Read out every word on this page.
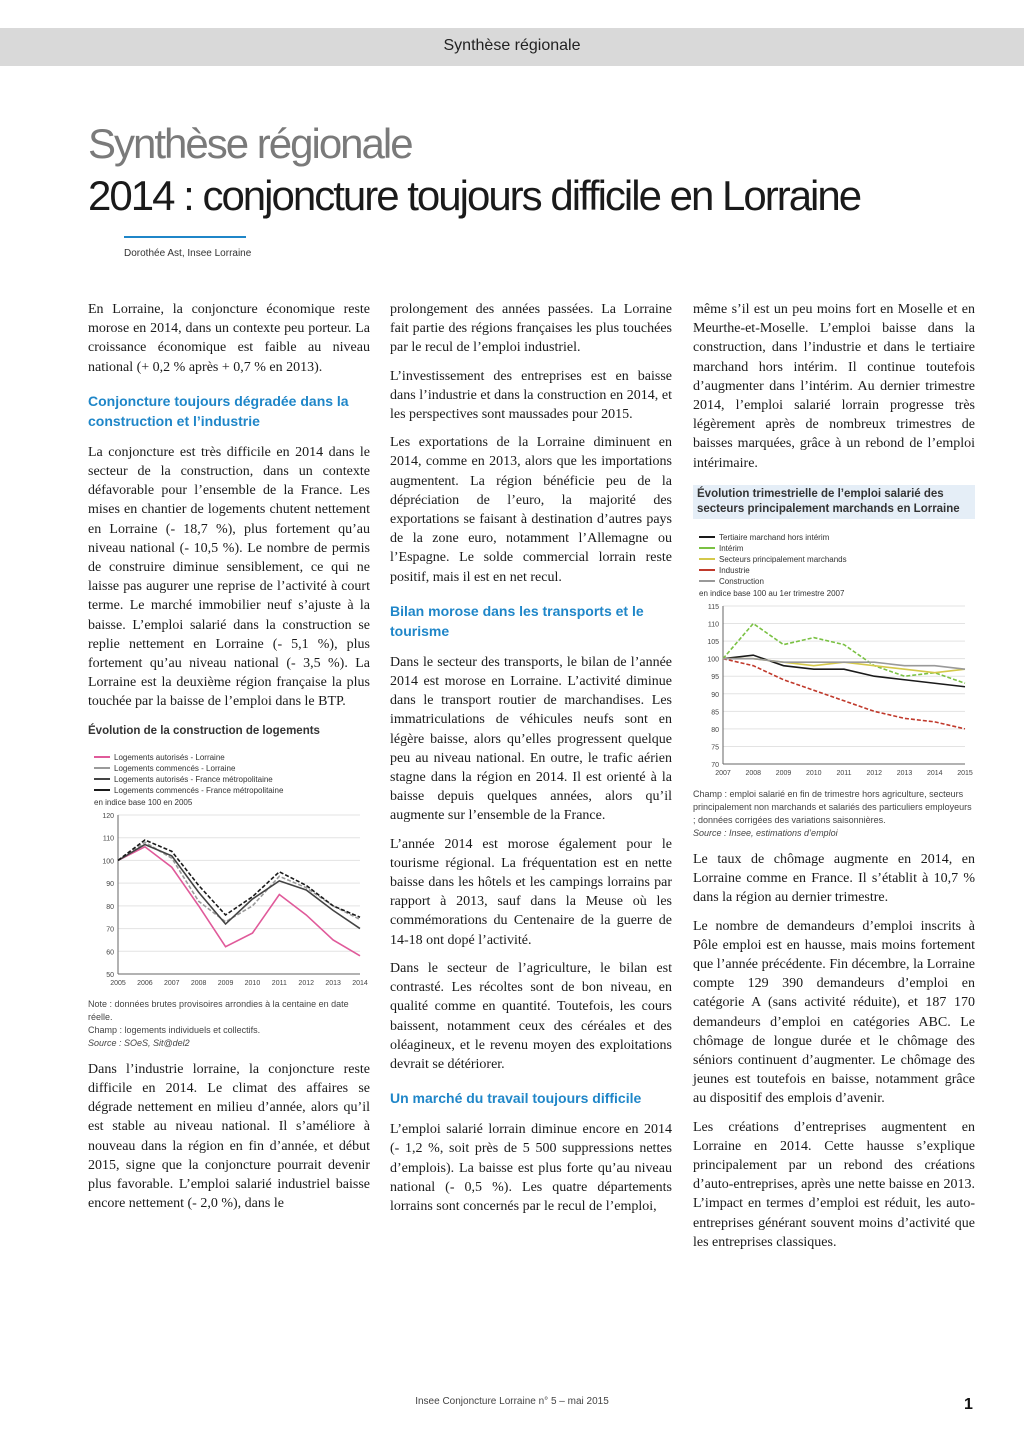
Synthèse régionale
Synthèse régionale
2014 : conjoncture toujours difficile en Lorraine
Dorothée Ast, Insee Lorraine

En Lorraine, la conjoncture économique reste morose en 2014, dans un contexte peu porteur. La croissance économique est faible au niveau national (+ 0,2 % après + 0,7 % en 2013).

Conjoncture toujours dégradée dans la construction et l’industrie

La conjoncture est très difficile en 2014 dans le secteur de la construction, dans un contexte défavorable pour l’ensemble de la France. Les mises en chantier de logements chutent nettement en Lorraine (- 18,7 %), plus fortement qu’au niveau national (- 10,5 %). Le nombre de permis de construire diminue sensiblement, ce qui ne laisse pas augurer une reprise de l’activité à court terme. Le marché immobilier neuf s’ajuste à la baisse. L’emploi salarié dans la construction se replie nettement en Lorraine (- 5,1 %), plus fortement qu’au niveau national (- 3,5 %). La Lorraine est la deuxième région française la plus touchée par la baisse de l’emploi dans le BTP.

Évolution de la construction de logements
Logements autorisés - Lorraine
Logements commencés - Lorraine
Logements autorisés - France métropolitaine
Logements commencés - France métropolitaine
en indice base 100 en 2005
50
60
70
80
90
100
110
120
2005 2006 2007 2008 2009 2010 2011 2012 2013 2014
Note : données brutes provisoires arrondies à la centaine en date réelle.
Champ : logements individuels et collectifs.
Source : SOeS, Sit@del2

Dans l’industrie lorraine, la conjoncture reste difficile en 2014. Le climat des affaires se dégrade nettement en milieu d’année, alors qu’il est stable au niveau national. Il s’améliore à nouveau dans la région en fin d’année, et début 2015, signe que la conjoncture pourrait devenir plus favorable. L’emploi salarié industriel baisse encore nettement (- 2,0 %), dans le

prolongement des années passées. La Lorraine fait partie des régions françaises les plus touchées par le recul de l’emploi industriel.

L’investissement des entreprises est en baisse dans l’industrie et dans la construction en 2014, et les perspectives sont maussades pour 2015.

Les exportations de la Lorraine diminuent en 2014, comme en 2013, alors que les importations augmentent. La région bénéficie peu de la dépréciation de l’euro, la majorité des exportations se faisant à destination d’autres pays de la zone euro, notamment l’Allemagne ou l’Espagne. Le solde commercial lorrain reste positif, mais il est en net recul.

Bilan morose dans les transports et le tourisme

Dans le secteur des transports, le bilan de l’année 2014 est morose en Lorraine. L’activité diminue dans le transport routier de marchandises. Les immatriculations de véhicules neufs sont en légère baisse, alors qu’elles progressent quelque peu au niveau national. En outre, le trafic aérien stagne dans la région en 2014. Il est orienté à la baisse depuis quelques années, alors qu’il augmente sur l’ensemble de la France.

L’année 2014 est morose également pour le tourisme régional. La fréquentation est en nette baisse dans les hôtels et les campings lorrains par rapport à 2013, sauf dans la Meuse où les commémorations du Centenaire de la guerre de 14-18 ont dopé l’activité.

Dans le secteur de l’agriculture, le bilan est contrasté. Les récoltes sont de bon niveau, en qualité comme en quantité. Toutefois, les cours baissent, notamment ceux des céréales et des oléagineux, et le revenu moyen des exploitations devrait se détériorer.

Un marché du travail toujours difficile

L’emploi salarié lorrain diminue encore en 2014 (- 1,2 %, soit près de 5 500 suppressions nettes d’emplois). La baisse est plus forte qu’au niveau national (- 0,5 %). Les quatre départements lorrains sont concernés par le recul de l’emploi,

même s’il est un peu moins fort en Moselle et en Meurthe-et-Moselle. L’emploi baisse dans la construction, dans l’industrie et dans le tertiaire marchand hors intérim. Il continue toutefois d’augmenter dans l’intérim. Au dernier trimestre 2014, l’emploi salarié lorrain progresse très légèrement après de nombreux trimestres de baisses marquées, grâce à un rebond de l’emploi intérimaire.

Évolution trimestrielle de l’emploi salarié des secteurs principalement marchands en Lorraine
Tertiaire marchand hors intérim
Intérim
Secteurs principalement marchands
Industrie
Construction
en indice base 100 au 1er trimestre 2007
70
75
80
85
90
95
100
105
110
115
2007 2008 2009 2010 2011 2012 2013 2014 2015
Champ : emploi salarié en fin de trimestre hors agriculture, secteurs principalement non marchands et salariés des particuliers employeurs ; données corrigées des variations saisonnières.
Source : Insee, estimations d’emploi

Le taux de chômage augmente en 2014, en Lorraine comme en France. Il s’établit à 10,7 % dans la région au dernier trimestre.

Le nombre de demandeurs d’emploi inscrits à Pôle emploi est en hausse, mais moins fortement que l’année précédente. Fin décembre, la Lorraine compte 129 390 demandeurs d’emploi en catégorie A (sans activité réduite), et 187 170 demandeurs d’emploi en catégories ABC. Le chômage de longue durée et le chômage des séniors continuent d’augmenter. Le chômage des jeunes est toutefois en baisse, notamment grâce au dispositif des emplois d’avenir.

Les créations d’entreprises augmentent en Lorraine en 2014. Cette hausse s’explique principalement par un rebond des créations d’auto-entreprises, après une nette baisse en 2013. L’impact en termes d’emploi est réduit, les auto-entreprises générant souvent moins d’activité que les entreprises classiques.

Insee Conjoncture Lorraine n° 5 – mai 2015	1
